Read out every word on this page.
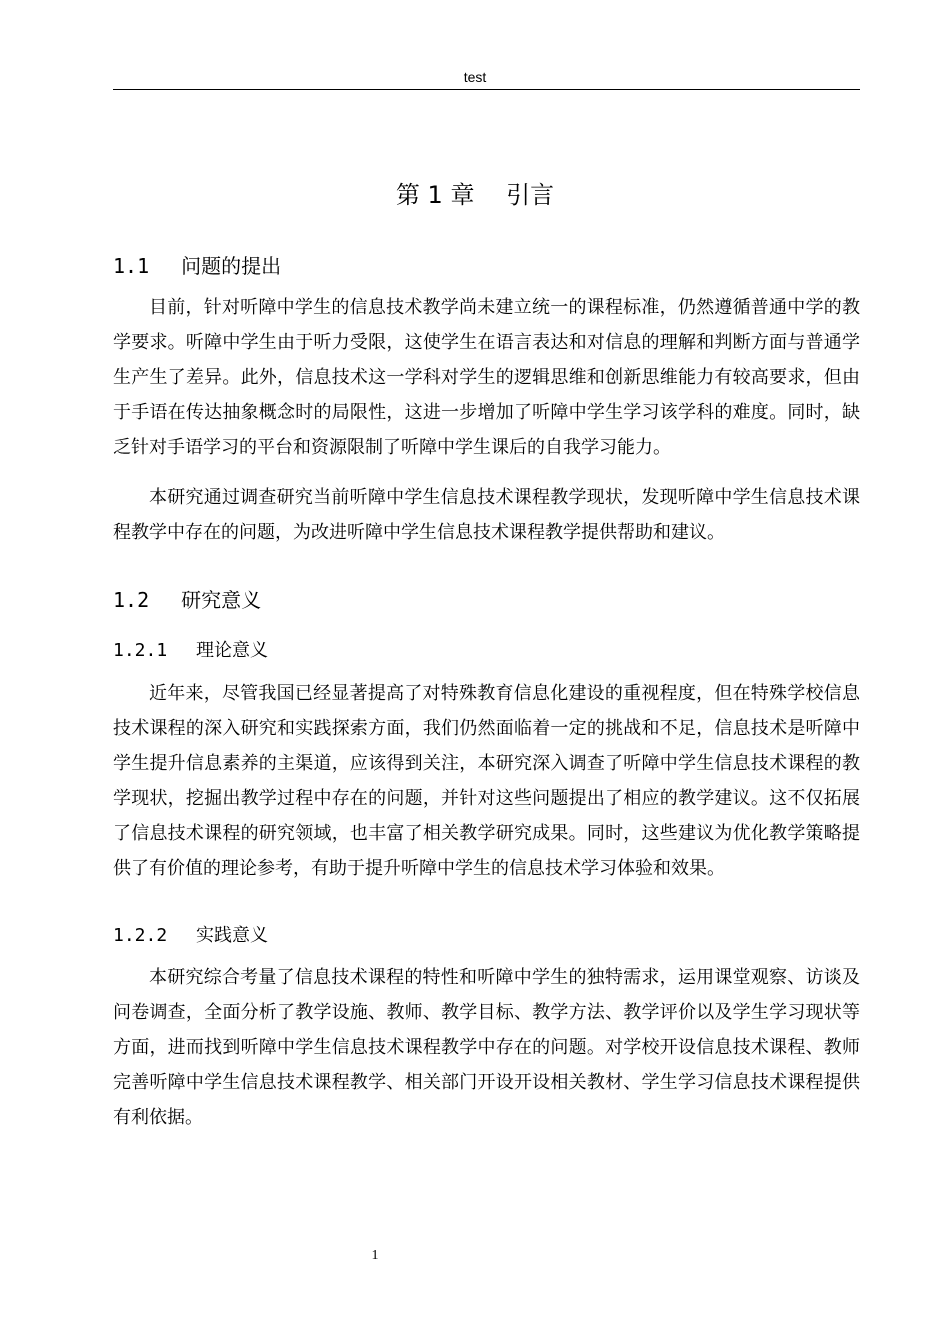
test
第 1 章　 引言
1.1　 问题的提出

目前，针对听障中学生的信息技术教学尚未建立统一的课程标准，仍然遵循普通中学的教学要求。听障中学生由于听力受限，这使学生在语言表达和对信息的理解和判断方面与普通学生产生了差异。此外，信息技术这一学科对学生的逻辑思维和创新思维能力有较高要求，但由于手语在传达抽象概念时的局限性，这进一步增加了听障中学生学习该学科的难度。同时，缺乏针对手语学习的平台和资源限制了听障中学生课后的自我学习能力。

本研究通过调查研究当前听障中学生信息技术课程教学现状，发现听障中学生信息技术课程教学中存在的问题，为改进听障中学生信息技术课程教学提供帮助和建议。

1.2　 研究意义
1.2.1　 理论意义

近年来，尽管我国已经显著提高了对特殊教育信息化建设的重视程度，但在特殊学校信息技术课程的深入研究和实践探索方面，我们仍然面临着一定的挑战和不足，信息技术是听障中学生提升信息素养的主渠道，应该得到关注，本研究深入调查了听障中学生信息技术课程的教学现状，挖掘出教学过程中存在的问题，并针对这些问题提出了相应的教学建议。这不仅拓展了信息技术课程的研究领域，也丰富了相关教学研究成果。同时，这些建议为优化教学策略提供了有价值的理论参考，有助于提升听障中学生的信息技术学习体验和效果。

1.2.2　 实践意义

本研究综合考量了信息技术课程的特性和听障中学生的独特需求，运用课堂观察、访谈及问卷调查，全面分析了教学设施、教师、教学目标、教学方法、教学评价以及学生学习现状等方面，进而找到听障中学生信息技术课程教学中存在的问题。对学校开设信息技术课程、教师完善听障中学生信息技术课程教学、相关部门开设开设相关教材、学生学习信息技术课程提供有利依据。

1
